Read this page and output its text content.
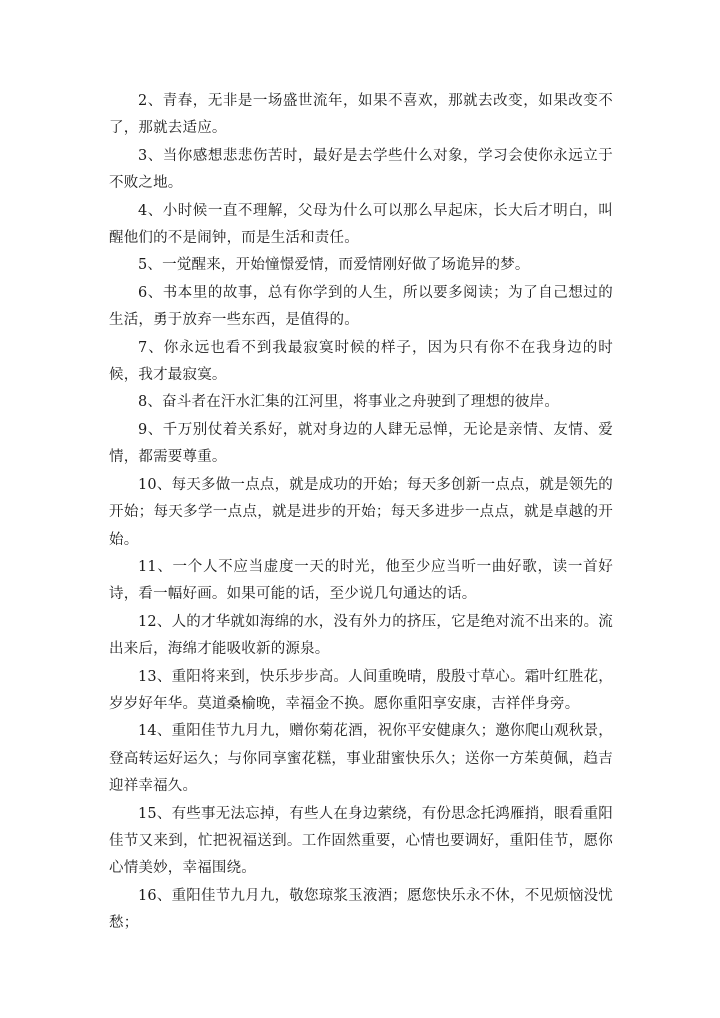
2、青春，无非是一场盛世流年，如果不喜欢，那就去改变，如果改变不了，那就去适应。

3、当你感想悲悲伤苦时，最好是去学些什么对象，学习会使你永远立于不败之地。

4、小时候一直不理解，父母为什么可以那么早起床，长大后才明白，叫醒他们的不是闹钟，而是生活和责任。

5、一觉醒来，开始憧憬爱情，而爱情刚好做了场诡异的梦。

6、书本里的故事，总有你学到的人生，所以要多阅读；为了自己想过的生活，勇于放弃一些东西，是值得的。

7、你永远也看不到我最寂寞时候的样子，因为只有你不在我身边的时候，我才最寂寞。

8、奋斗者在汗水汇集的江河里，将事业之舟驶到了理想的彼岸。

9、千万别仗着关系好，就对身边的人肆无忌惮，无论是亲情、友情、爱情，都需要尊重。

10、每天多做一点点，就是成功的开始；每天多创新一点点，就是领先的开始；每天多学一点点，就是进步的开始；每天多进步一点点，就是卓越的开始。

11、一个人不应当虚度一天的时光，他至少应当听一曲好歌，读一首好诗，看一幅好画。如果可能的话，至少说几句通达的话。

12、人的才华就如海绵的水，没有外力的挤压，它是绝对流不出来的。流出来后，海绵才能吸收新的源泉。

13、重阳将来到，快乐步步高。人间重晚晴，殷殷寸草心。霜叶红胜花，岁岁好年华。莫道桑榆晚，幸福金不换。愿你重阳享安康，吉祥伴身旁。

14、重阳佳节九月九，赠你菊花酒，祝你平安健康久；邀你爬山观秋景，登高转运好运久；与你同享蜜花糕，事业甜蜜快乐久；送你一方茱萸佩，趋吉迎祥幸福久。

15、有些事无法忘掉，有些人在身边萦绕，有份思念托鸿雁捎，眼看重阳佳节又来到，忙把祝福送到。工作固然重要，心情也要调好，重阳佳节，愿你心情美妙，幸福围绕。

16、重阳佳节九月九，敬您琼浆玉液酒；愿您快乐永不休，不见烦恼没忧愁；
